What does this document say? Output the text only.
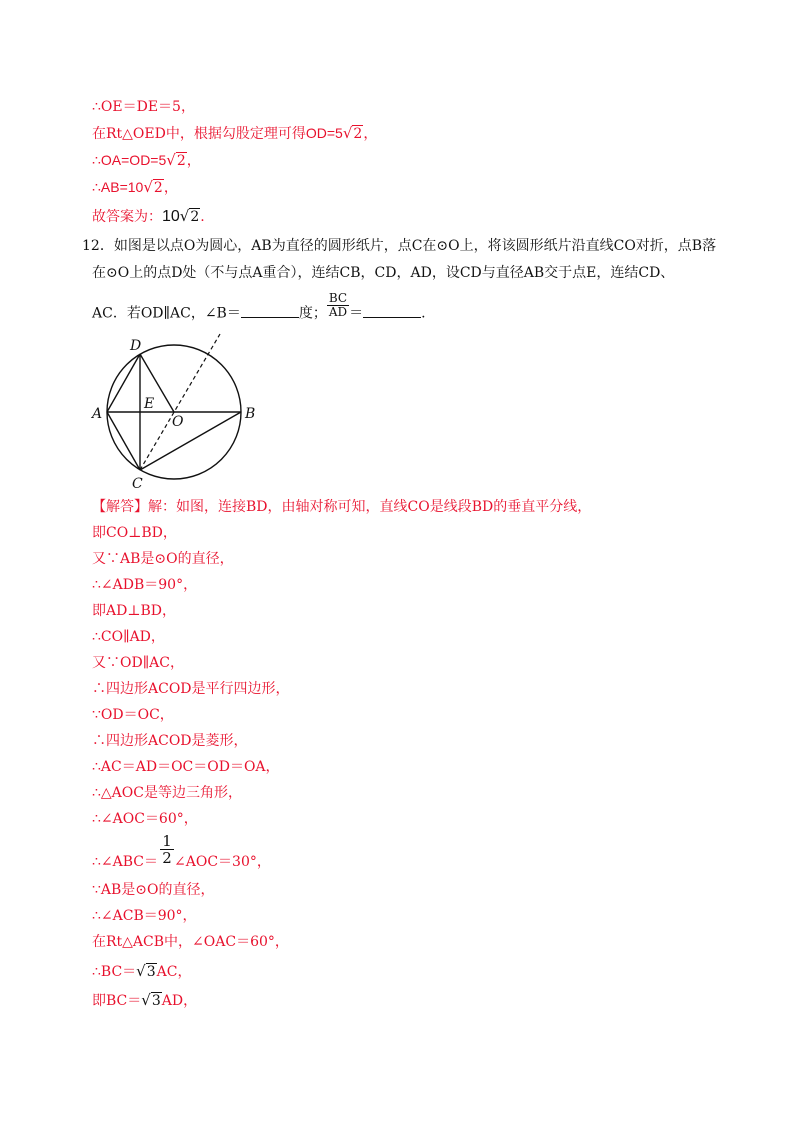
∴OE＝DE＝5，
在Rt△OED中，根据勾股定理可得OD=5√2，
∴OA=OD=5√2，
∴AB=10√2，
故答案为：10√2.
12．如图是以点O为圆心，AB为直径的圆形纸片，点C在⊙O上，将该圆形纸片沿直线CO对折，点B落
在⊙O上的点D处（不与点A重合），连结CB，CD，AD，设CD与直径AB交于点E，连结CD、
AC．若OD∥AC，∠B＝	度； $\frac{BC}{AD}$ ＝	.
D
A
E
O	B
C
【解答】解：如图，连接BD，由轴对称可知，直线CO是线段BD的垂直平分线，
即CO⊥BD，
又∵AB是⊙O的直径，
∴∠ADB＝90°，
即AD⊥BD，
∴CO∥AD，
又∵OD∥AC，
∴四边形ACOD是平行四边形，
∵OD＝OC，
∴四边形ACOD是菱形，
∴AC＝AD＝OC＝OD＝OA，
∴△AOC是等边三角形，
∴∠AOC＝60°，
1
2
∴∠ABC＝ ∠AOC＝30°，
∵AB是⊙O的直径，
∴∠ACB＝90°，
在Rt△ACB中，∠OAC＝60°，
∴BC＝√3AC，
即BC＝√3AD，
